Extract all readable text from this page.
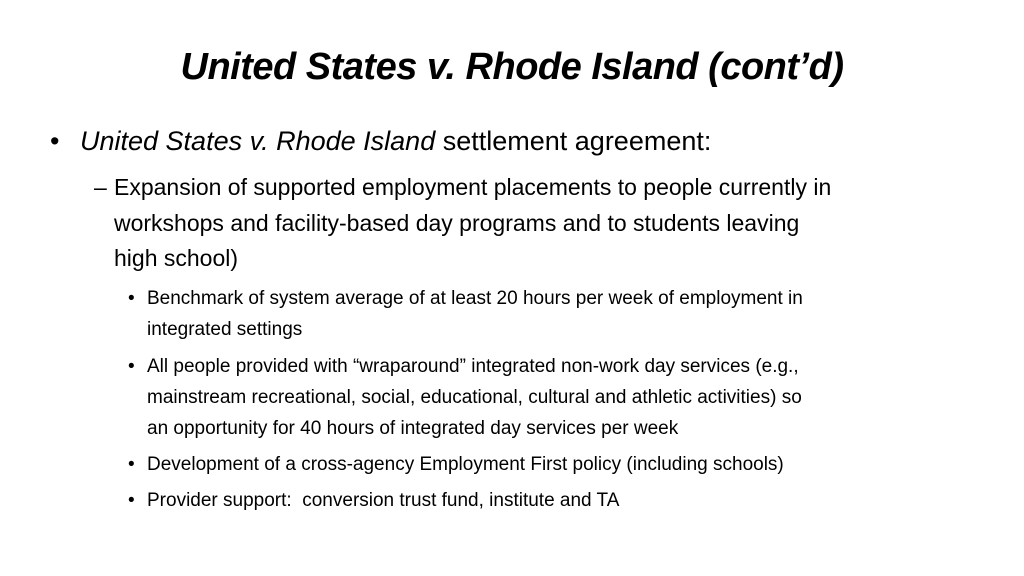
United States v. Rhode Island (cont’d)
• United States v. Rhode Island settlement agreement:
– Expansion of supported employment placements to people currently in
workshops and facility-based day programs and to students leaving
high school)
• Benchmark of system average of at least 20 hours per week of employment in
integrated settings
• All people provided with “wraparound” integrated non-work day services (e.g.,
mainstream recreational, social, educational, cultural and athletic activities) so
an opportunity for 40 hours of integrated day services per week
• Development of a cross-agency Employment First policy (including schools)
• Provider support:  conversion trust fund, institute and TA
